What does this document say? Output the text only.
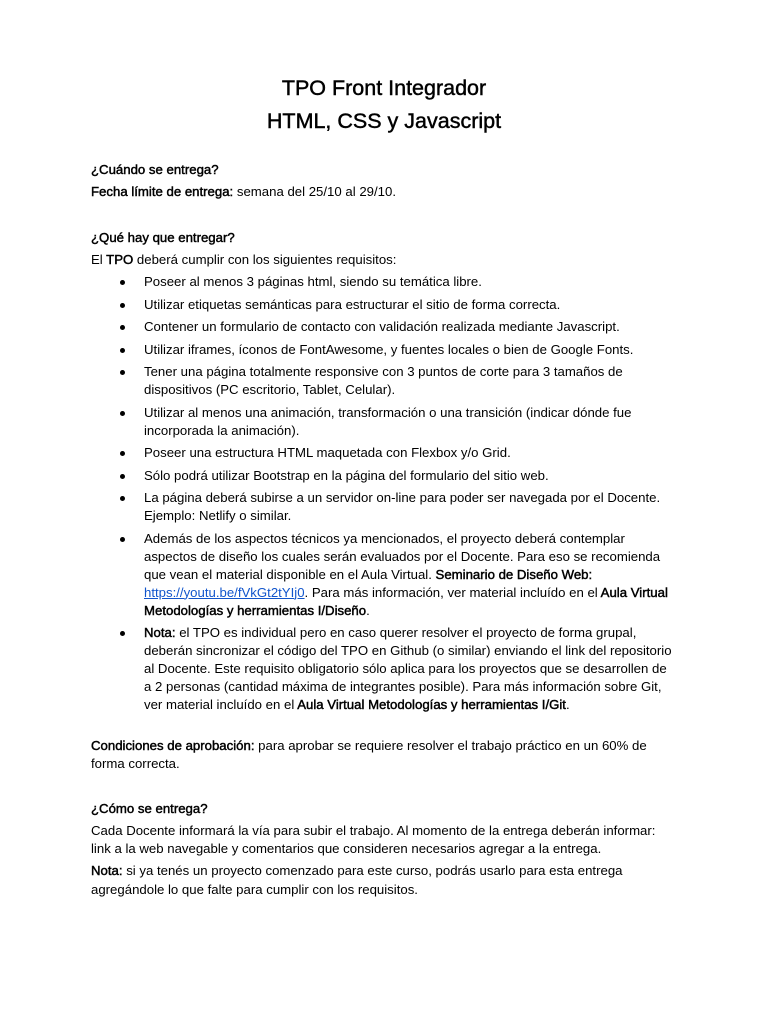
TPO Front Integrador
HTML, CSS y Javascript

¿Cuándo se entrega?

Fecha límite de entrega: semana del 25/10 al 29/10.

¿Qué hay que entregar?

El TPO deberá cumplir con los siguientes requisitos:

Poseer al menos 3 páginas html, siendo su temática libre.
Utilizar etiquetas semánticas para estructurar el sitio de forma correcta.
Contener un formulario de contacto con validación realizada mediante Javascript.
Utilizar iframes, íconos de FontAwesome, y fuentes locales o bien de Google Fonts.
Tener una página totalmente responsive con 3 puntos de corte para 3 tamaños de dispositivos (PC escritorio, Tablet, Celular).
Utilizar al menos una animación, transformación o una transición (indicar dónde fue incorporada la animación).
Poseer una estructura HTML maquetada con Flexbox y/o Grid.
Sólo podrá utilizar Bootstrap en la página del formulario del sitio web.
La página deberá subirse a un servidor on-line para poder ser navegada por el Docente. Ejemplo: Netlify o similar.
Además de los aspectos técnicos ya mencionados, el proyecto deberá contemplar aspectos de diseño los cuales serán evaluados por el Docente. Para eso se recomienda que vean el material disponible en el Aula Virtual. Seminario de Diseño Web: https://youtu.be/fVkGt2tYIj0. Para más información, ver material incluído en el Aula Virtual Metodologías y herramientas I/Diseño.
Nota: el TPO es individual pero en caso querer resolver el proyecto de forma grupal, deberán sincronizar el código del TPO en Github (o similar) enviando el link del repositorio al Docente. Este requisito obligatorio sólo aplica para los proyectos que se desarrollen de a 2 personas (cantidad máxima de integrantes posible). Para más información sobre Git, ver material incluído en el Aula Virtual Metodologías y herramientas I/Git.

Condiciones de aprobación: para aprobar se requiere resolver el trabajo práctico en un 60% de forma correcta.

¿Cómo se entrega?

Cada Docente informará la vía para subir el trabajo. Al momento de la entrega deberán informar: link a la web navegable y comentarios que consideren necesarios agregar a la entrega.

Nota: si ya tenés un proyecto comenzado para este curso, podrás usarlo para esta entrega agregándole lo que falte para cumplir con los requisitos.
